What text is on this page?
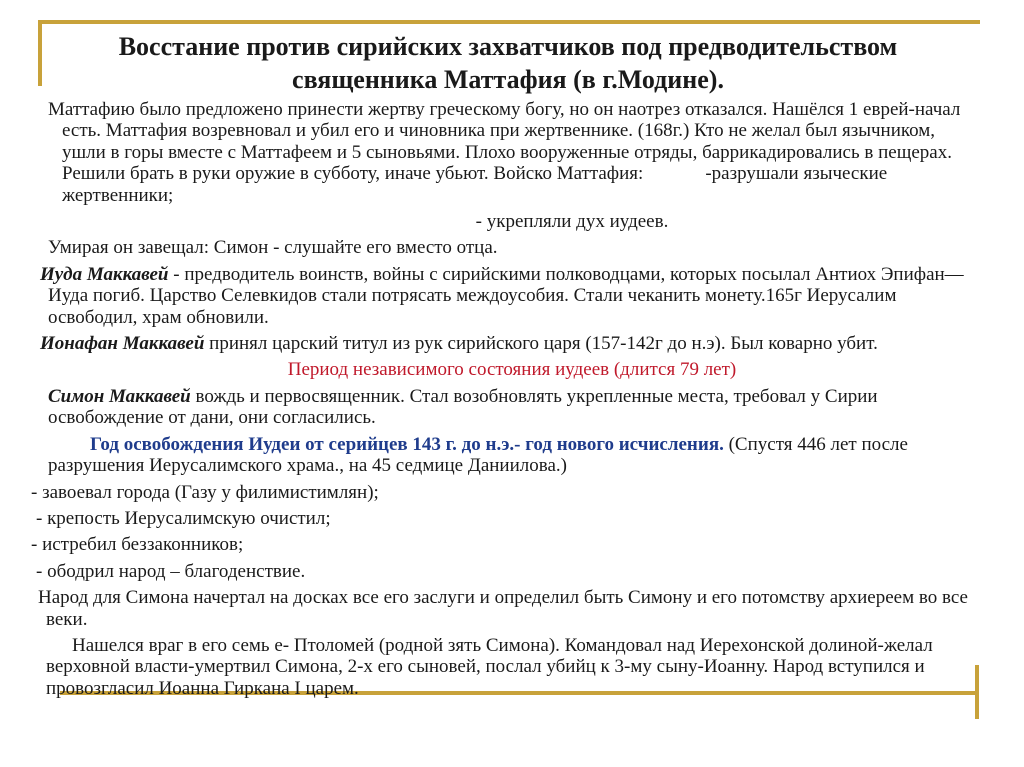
Восстание против сирийских захватчиков под предводительством
священника Маттафия (в г.Модине).

Маттафию было предложено принести жертву греческому богу, но он наотрез отказался. Нашёлся 1 еврей-начал есть. Маттафия возревновал и убил его и чиновника при жертвеннике. (168г.) Кто не желал был язычником, ушли в горы вместе с Маттафеем и 5 сыновьями. Плохо вооруженные отряды, баррикадировались в пещерах. Решили брать в руки оружие в субботу, иначе убьют. Войско Маттафия:	-разрушали языческие жертвенники;

- укрепляли дух иудеев.

Умирая он завещал: Симон - слушайте его вместо отца.

Иуда Маккавей - предводитель воинств, войны с сирийскими полководцами, которых посылал Антиох Эпифан—Иуда погиб. Царство Селевкидов стали потрясать междоусобия. Стали чеканить монету.165г Иерусалим освободил, храм обновили.

Ионафан Маккавей принял царский титул из рук сирийского царя (157-142г до н.э). Был коварно убит.

Период независимого состояния иудеев (длится 79 лет)

Симон Маккавей вождь и первосвященник. Стал возобновлять укрепленные места, требовал у Сирии освобождение от дани, они согласились.

Год освобождения Иудеи от серийцев 143 г. до н.э.- год нового исчисления. (Спустя 446 лет после разрушения Иерусалимского храма., на 45 седмице Даниилова.)

- завоевал города (Газу у филимистимлян);

- крепость Иерусалимскую очистил;

- истребил беззаконников;

- ободрил народ – благоденствие.

Народ для Симона начертал на досках все его заслуги и определил быть Симону и его потомству архиереем во все веки.

Нашелся враг в его семь е- Птоломей (родной зять Симона). Командовал над Иерехонской долиной-желал верховной власти-умертвил Симона, 2-х его сыновей, послал убийц к 3-му сыну-Иоанну. Народ вступился и провозгласил Иоанна Гиркана I царем.
